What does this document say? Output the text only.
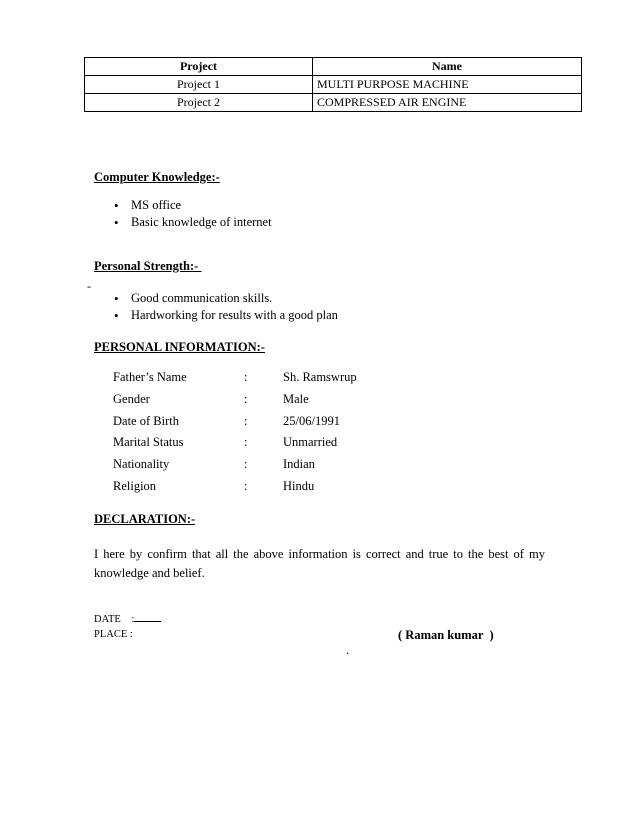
Project	Name
Project 1	MULTI PURPOSE MACHINE
Project 2	COMPRESSED AIR ENGINE
Computer Knowledge:-
• MS office
• Basic knowledge of internet
Personal Strength:-
-
• Good communication skills.
• Hardworking for results with a good plan
PERSONAL INFORMATION:-
Father’s Name	:	Sh. Ramswrup
Gender	:	Male
Date of Birth	:	25/06/1991
Marital Status	:	Unmarried
Nationality	:	Indian
Religion	:	Hindu
DECLARATION:-

I here by confirm that all the above information is correct and true to the best of my knowledge and belief.

DATE    :
PLACE :	( Raman kumar  )
.
